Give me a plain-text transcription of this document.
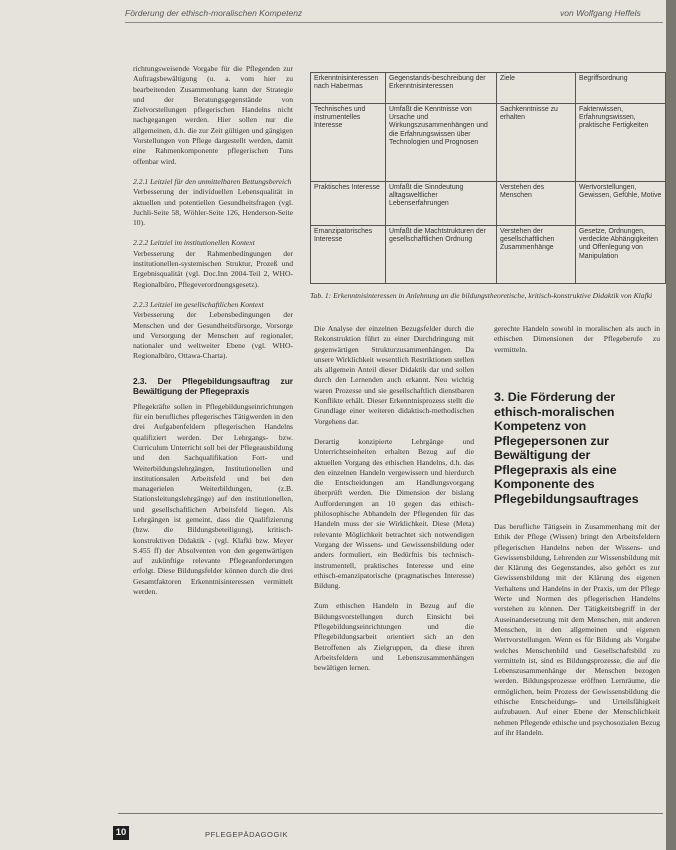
Förderung der ethisch-moralischen Kompetenz	von Wolfgang Heffels

richtungsweisende Vorgabe für die Pflegenden zur Auftragsbewältigung (u. a. vom hier zu bearbeitenden Zusammenhang kann der Strategie und der Beratungsgegenstände von Zielvorstellungen pflegerischen Handelns nicht nachgegangen werden. Hier sollen nur die allgemeinen, d.h. die zur Zeit gültigen und gängigen Vorstellungen von Pflege dargestellt werden, damit eine Rahmenkomponente pflegerischen Tuns offenbar wird.

2.2.1 Leitziel für den unmittelbaren Bettungsbereich

Verbesserung der individuellen Lebensqualität in aktuellen und potentiellen Gesundheitsfragen (vgl. Juchli-Seite 58, Wöhler-Seite 126, Henderson-Seite 10).

2.2.2 Leitziel im institutionellen Kontext

Verbesserung der Rahmenbedingungen der institutionellen-systemischen Struktur, Prozeß und Ergebnisqualität (vgl. Doc.Inn 2004-Teil 2, WHO-Regionalbüro, Pflegeverordnungsgesetz).

2.2.3 Leitziel im gesellschaftlichen Kontext

Verbesserung der Lebensbedingungen der Menschen und der Gesundheitsfürsorge, Vorsorge und Versorgung der Menschen auf regionaler, nationaler und weltweiter Ebene (vgl. WHO-Regionalbüro, Ottawa-Charta).

2.3. Der Pflegebildungsauftrag zur Bewältigung der Pflegepraxis

Pflegekräfte sollen in Pflegebildungseinrichtungen für ein berufliches pflegerisches Tätigwerden in den drei Aufgabenfeldern pflegerischen Handelns qualifiziert werden. Der Lehrgangs- bzw. Curriculum Unterricht soll bei der Pflegeausbildung und den Sachqualifikation Fort- und Weiterbildungslehrgängen, Institutionellen und institutionsalen Arbeitsfeld und bei den managerielen Weiterbildungen, (z.B. Stationsleitungslehrgänge) auf den institutionellen, und gesellschaftlichen Arbeitsfeld liegen. Als Lehrgängen ist gemeint, dass die Qualifizierung (bzw. die Bildungsbeteiligung), kritisch-konstruktiven Didaktik - (vgl. Klafki bzw. Meyer S.455 ff) der Absolventen von den gegenwärtigen auf zukünftige relevante Pflegeanforderungen erfolgt. Diese Bildungsfelder können durch die drei Gesamtfaktoren Erkenntnisinteressen vermittelt werden.

Erkenntnisinteressen nach Habermas	Gegenstands-beschreibung der Erkenntnisinteressen	Ziele	Begriffsordnung
Technisches und instrumentelles Interesse	Umfaßt die Kenntnisse von Ursache und Wirkungszusammenhängen und die Erfahrungswissen über Technologien und Prognosen	Sachkenntnisse zu erhalten	Faktenwissen, Erfahrungswissen, praktische Fertigkeiten
Praktisches Interesse	Umfaßt die Sinndeutung alltagsweltlicher Lebenserfahrungen	Verstehen des Menschen	Wertvorstellungen, Gewissen, Gefühle, Motive
Emanzipatorisches Interesse	Umfaßt die Machtstrukturen der gesellschaftlichen Ordnung	Verstehen der gesellschaftlichen Zusammenhänge	Gesetze, Ordnungen, verdeckte Abhängigkeiten und Offenlegung von Manipulation
Tab. 1: Erkenntnisinteressen in Anlehnung an die bildungstheoretische, kritisch-konstruktive Didaktik von Klafki

Die Analyse der einzelnen Bezugsfelder durch die Rekonstruktion führt zu einer Durchdringung mit gegenwärtigen Strukturzusammenhängen. Da unsere Wirklichkeit wesentlich Restriktionen stellen als allgemein Anteil dieser Didaktik dar und sollen durch den Lernenden auch erkannt. Neu wichtig waren Prozesse und sie gesellschaftlich dienstbaren Konflikte erhält. Dieser Erkenntnisprozess stellt die Grundlage einer weiteren didaktisch-methodischen Vorgehens dar.

Derartig konzipierte Lehrgänge und Unterrichtseinheiten erhalten Bezug auf die aktuellen Vorgang des ethischen Handelns, d.h. das den einzelnen Handeln vergewissern und hierdurch die Entscheidungen am Handlungsvorgang überprüft werden. Die Dimension der bislang Aufforderungen an 10 gegen das ethisch-philosophische Abhandeln der Pflegenden für das Handeln muss der sie Wirklichkeit. Diese (Meta) relevante Möglichkeit betrachtet sich notwendigen Vorgang der Wissens- und Gewissensbildung oder anders formuliert, ein Bedürfnis bis technisch-instrumentell, praktisches Interesse und eine ethisch-emanzipatorische (pragmatisches Interesse) Bildung.

Zum ethischen Handeln in Bezug auf die Bildungsvorstellungen durch Einsicht bei Pflegebildungseinrichtungen und die Pflegebildungsarbeit orientiert sich an den Betroffenen als Zielgruppen, da diese ihren Arbeitsfeldern und Lebenszusammenhängen bewältigen lernen.

gerechte Handeln sowohl in moralischen als auch in ethischen Dimensionen der Pflegeberufe zu vermitteln.

3. Die Förderung der ethisch-moralischen Kompetenz von Pflegepersonen zur Bewältigung der Pflegepraxis als eine Komponente des Pflegebildungsauftrages

Das berufliche Tätigsein in Zusammenhang mit der Ethik der Pflege (Wissen) bringt den Arbeitsfeldern pflegerischen Handelns neben der Wissens- und Gewissensbildung, Lehrenden zur Wissensbildung mit der Klärung des Gegenstandes, also gehört es zur Gewissensbildung mit der Klärung des eigenen Verhaltens und Handelns in der Praxis, um der Pflege Werte und Normen des pflegerischen Handelns verstehen zu können. Der Tätigkeitsbegriff in der Auseinandersetzung mit dem Menschen, mit anderen Menschen, in den allgemeinen und eigenen Wertvorstellungen. Wenn es für Bildung als Vorgabe welches Menschenbild und Gesellschaftsbild zu vermitteln ist, sind es Bildungsprozesse, die auf die Lebenszusammenhänge der Menschen bezogen werden. Bildungsprozesse eröffnen Lernräume, die ermöglichen, beim Prozess der Gewissensbildung die ethische Entscheidungs- und Urteilsfähigkeit aufzubauen. Auf einer Ebene der Menschlichkeit nehmen Pflegende ethische und psychosozialen Bezug auf ihr Handeln.

10	PFLEGEPÄDAGOGIK
